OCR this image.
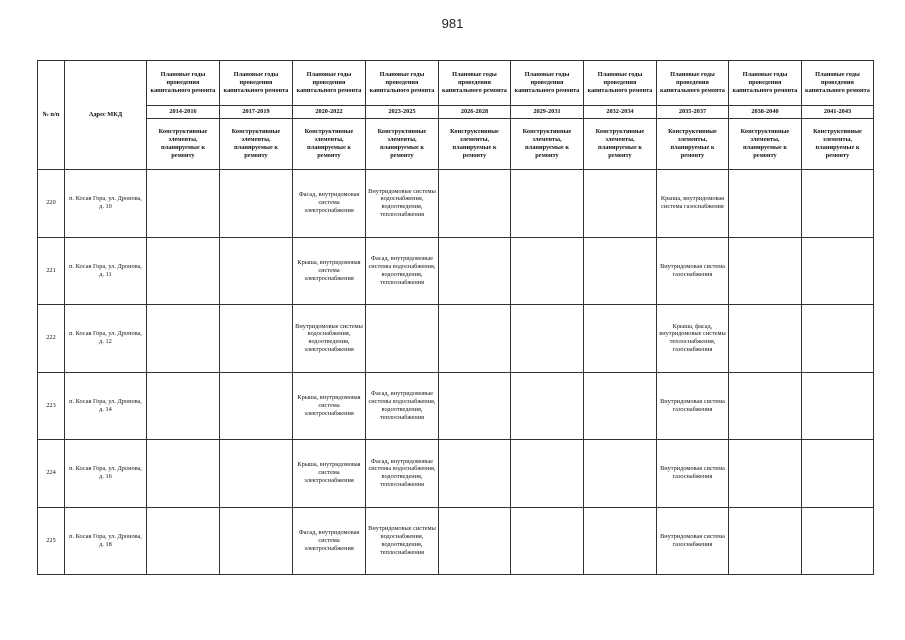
981
№ п/п	Адрес МКД	Плановые годы проведения капитального ремонта	Плановые годы проведения капитального ремонта	Плановые годы проведения капитального ремонта	Плановые годы проведения капитального ремонта	Плановые годы проведения капитального ремонта	Плановые годы проведения капитального ремонта	Плановые годы проведения капитального ремонта	Плановые годы проведения капитального ремонта	Плановые годы проведения капитального ремонта	Плановые годы проведения капитального ремонта
		2014-2016	2017-2019	2020-2022	2023-2025	2026-2028	2029-2031	2032-2034	2035-2037	2038-2040	2041-2043
		Конструктивные элементы, планируемые к ремонту	Конструктивные элементы, планируемые к ремонту	Конструктивные элементы, планируемые к ремонту	Конструктивные элементы, планируемые к ремонту	Конструктивные элементы, планируемые к ремонту	Конструктивные элементы, планируемые к ремонту	Конструктивные элементы, планируемые к ремонту	Конструктивные элементы, планируемые к ремонту	Конструктивные элементы, планируемые к ремонту	Конструктивные элементы, планируемые к ремонту
220	п. Косая Гора, ул. Дронова, д. 10			Фасад, внутридомовая система электроснабжения	Внутридомовые системы водоснабжения, водоотведения, теплоснабжения				Крыша, внутридомовая система газоснабжения		
221	п. Косая Гора, ул. Дронова, д. 11			Крыша, внутридомовая система электроснабжения	Фасад, внутридомовые системы водоснабжения, водоотведения, теплоснабжения				Внутридомовая система газоснабжения		
222	п. Косая Гора, ул. Дронова, д. 12			Внутридомовые системы водоснабжения, водоотведения, электроснабжения					Крыша, фасад, внутридомовые системы теплоснабжения, газоснабжения		
223	п. Косая Гора, ул. Дронова, д. 14			Крыша, внутридомовая система электроснабжения	Фасад, внутридомовые системы водоснабжения, водоотведения, теплоснабжения				Внутридомовая система газоснабжения		
224	п. Косая Гора, ул. Дронова, д. 16			Крыша, внутридомовая система электроснабжения	Фасад, внутридомовые системы водоснабжения, водоотведения, теплоснабжения				Внутридомовая система газоснабжения		
225	п. Косая Гора, ул. Дронова, д. 18			Фасад, внутридомовая система электроснабжения	Внутридомовые системы водоснабжения, водоотведения, теплоснабжения				Внутридомовая система газоснабжения		
